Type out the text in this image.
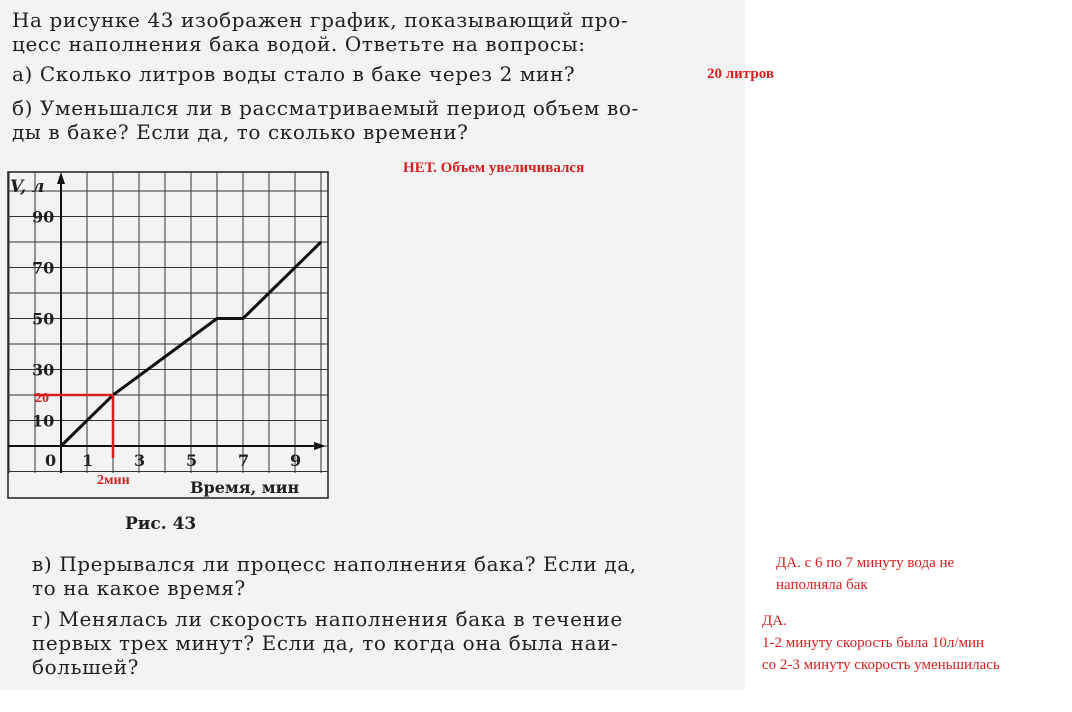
На рисунке 43 изображен график, показывающий про-
цесс наполнения бака водой. Ответьте на вопросы:

а) Сколько литров воды стало в баке через 2 мин?

б) Уменьшался ли в рассматриваемый период объем во-
ды в баке? Если да, то сколько времени?

20 литров
НЕТ. Объем увеличивался
10
30
50
70
90
0 1	3	5	7	9
V, л
Время, мин
20
2мин
Рис. 43

в) Прерывался ли процесс наполнения бака? Если да,
то на какое время?

г) Менялась ли скорость наполнения бака в течение
первых трех минут? Если да, то когда она была наи-
большей?

ДА. с 6 по 7 минуту вода не
наполняла бак
ДА.
1-2 минуту скорость была 10л/мин
со 2-3 минуту скорость уменьшилась
